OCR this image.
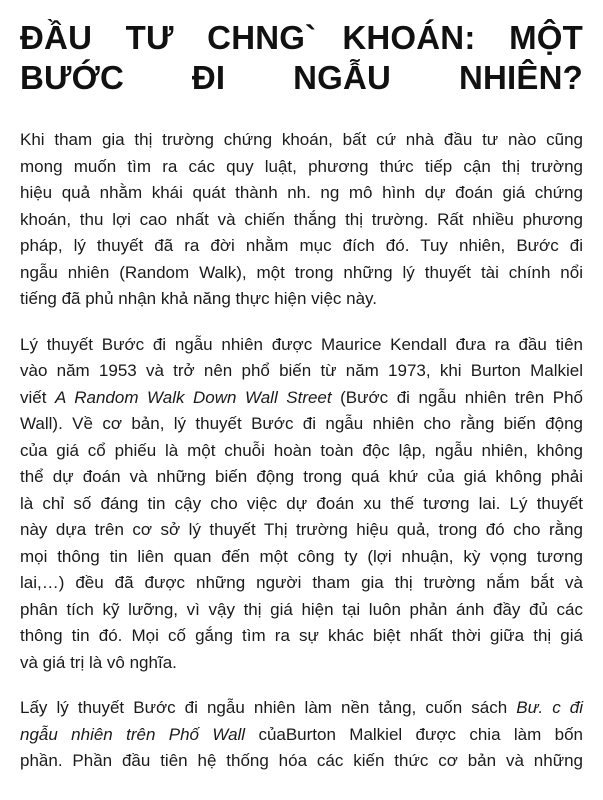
ĐẦU TƯ CHNG` KHOÁN: MỘT
BƯỚC ĐI NGẪU NHIÊN?

Khi tham gia thị trường chứng khoán, bất cứ nhà đầu tư nào cũng
mong muốn tìm ra các quy luật, phương thức tiếp cận thị trường
hiệu quả nhằm khái quát thành nh. ng mô hình dự đoán giá chứng
khoán, thu lợi cao nhất và chiến thắng thị trường. Rất nhiều phương
pháp, lý thuyết đã ra đời nhằm mục đích đó. Tuy nhiên, Bước đi
ngẫu nhiên (Random Walk), một trong những lý thuyết tài chính nổi
tiếng đã phủ nhận khả năng thực hiện việc này.

Lý thuyết Bước đi ngẫu nhiên được Maurice Kendall đưa ra đầu tiên
vào năm 1953 và trở nên phổ biến từ năm 1973, khi Burton Malkiel
viết A Random Walk Down Wall Street (Bước đi ngẫu nhiên trên Phố
Wall). Về cơ bản, lý thuyết Bước đi ngẫu nhiên cho rằng biến động
của giá cổ phiếu là một chuỗi hoàn toàn độc lập, ngẫu nhiên, không
thể dự đoán và những biến động trong quá khứ của giá không phải
là chỉ số đáng tin cậy cho việc dự đoán xu thế tương lai. Lý thuyết
này dựa trên cơ sở lý thuyết Thị trường hiệu quả, trong đó cho rằng
mọi thông tin liên quan đến một công ty (lợi nhuận, kỳ vọng tương
lai,…) đều đã được những người tham gia thị trường nắm bắt và
phân tích kỹ lưỡng, vì vậy thị giá hiện tại luôn phản ánh đầy đủ các
thông tin đó. Mọi cố gắng tìm ra sự khác biệt nhất thời giữa thị giá
và giá trị là vô nghĩa.

Lấy lý thuyết Bước đi ngẫu nhiên làm nền tảng, cuốn sách Bư. c đi
ngẫu nhiên trên Phố Wall củaBurton Malkiel được chia làm bốn
phần. Phần đầu tiên hệ thống hóa các kiến thức cơ bản và những
